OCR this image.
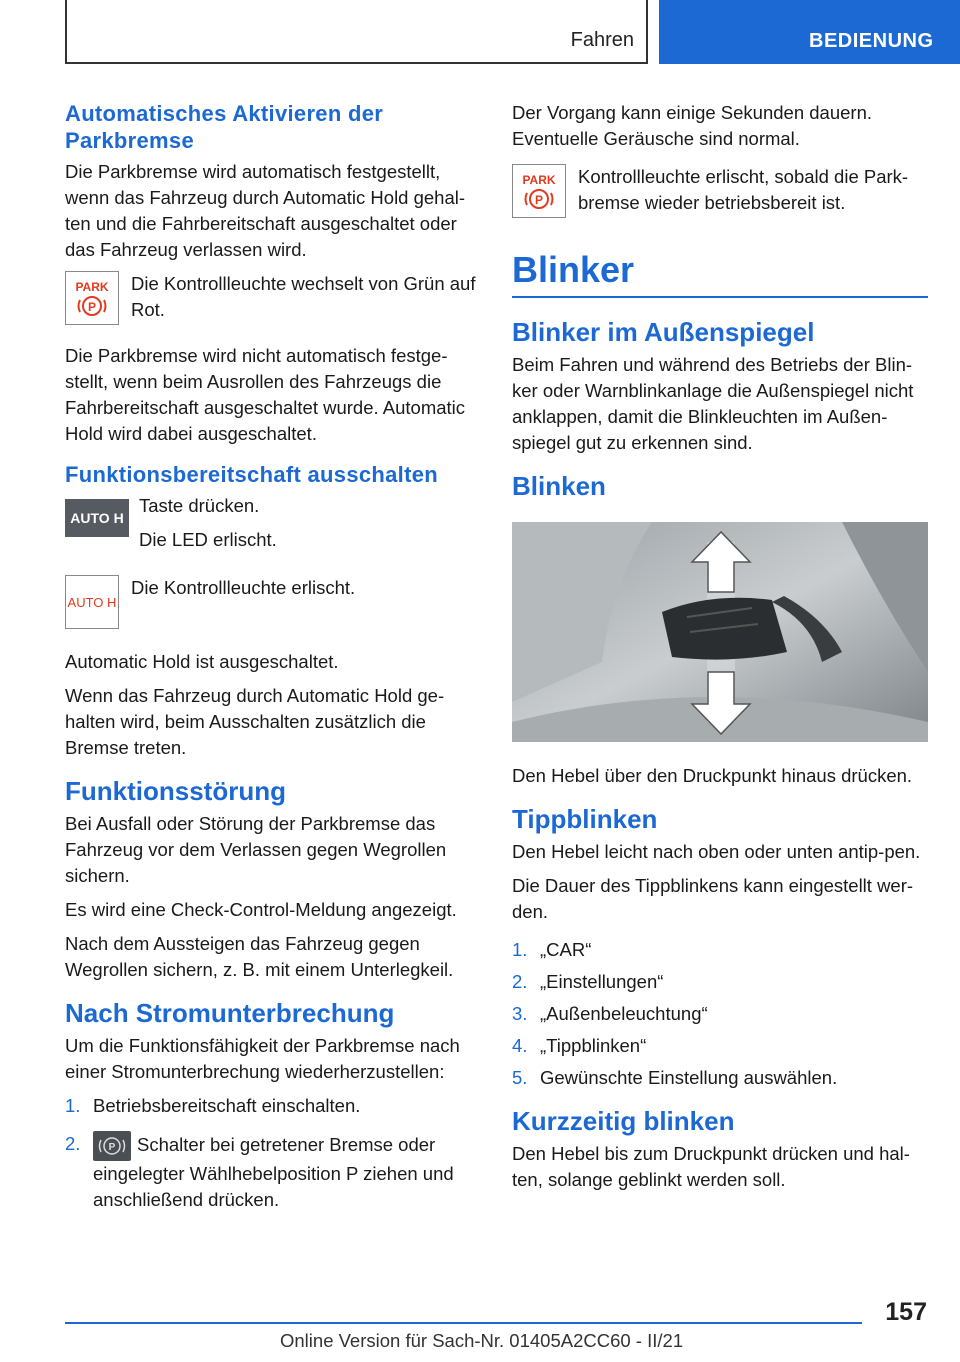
Fahren	BEDIENUNG
Automatisches Aktivieren der Parkbremse

Die Parkbremse wird automatisch festgestellt, wenn das Fahrzeug durch Automatic Hold gehal-ten und die Fahrbereitschaft ausgeschaltet oder das Fahrzeug verlassen wird.

PARK
P

Die Kontrollleuchte wechselt von Grün auf Rot.

Die Parkbremse wird nicht automatisch festge-stellt, wenn beim Ausrollen des Fahrzeugs die Fahrbereitschaft ausgeschaltet wurde. Automatic Hold wird dabei ausgeschaltet.

Funktionsbereitschaft ausschalten
AUTO H

Taste drücken.

Die LED erlischt.

AUTO H

Die Kontrollleuchte erlischt.

Automatic Hold ist ausgeschaltet.

Wenn das Fahrzeug durch Automatic Hold ge-halten wird, beim Ausschalten zusätzlich die Bremse treten.

Funktionsstörung

Bei Ausfall oder Störung der Parkbremse das Fahrzeug vor dem Verlassen gegen Wegrollen sichern.

Es wird eine Check-Control-Meldung angezeigt.

Nach dem Aussteigen das Fahrzeug gegen Wegrollen sichern, z. B. mit einem Unterlegkeil.

Nach Stromunterbrechung

Um die Funktionsfähigkeit der Parkbremse nach einer Stromunterbrechung wiederherzustellen:

1. Betriebsbereitschaft einschalten.
2.	P Schalter bei getretener Bremse oder eingelegter Wählhebelposition P ziehen und anschließend drücken.

Der Vorgang kann einige Sekunden dauern. Eventuelle Geräusche sind normal.

PARK
P

Kontrollleuchte erlischt, sobald die Park-bremse wieder betriebsbereit ist.

Blinker
Blinker im Außenspiegel

Beim Fahren und während des Betriebs der Blin-ker oder Warnblinkanlage die Außenspiegel nicht anklappen, damit die Blinkleuchten im Außen-spiegel gut zu erkennen sind.

Blinken

Den Hebel über den Druckpunkt hinaus drücken.

Tippblinken

Den Hebel leicht nach oben oder unten antip-pen.

Die Dauer des Tippblinkens kann eingestellt wer-den.

1. „CAR“
2. „Einstellungen“
3. „Außenbeleuchtung“
4. „Tippblinken“
5. Gewünschte Einstellung auswählen.
Kurzzeitig blinken

Den Hebel bis zum Druckpunkt drücken und hal-ten, solange geblinkt werden soll.

157
Online Version für Sach-Nr. 01405A2CC60 - II/21
